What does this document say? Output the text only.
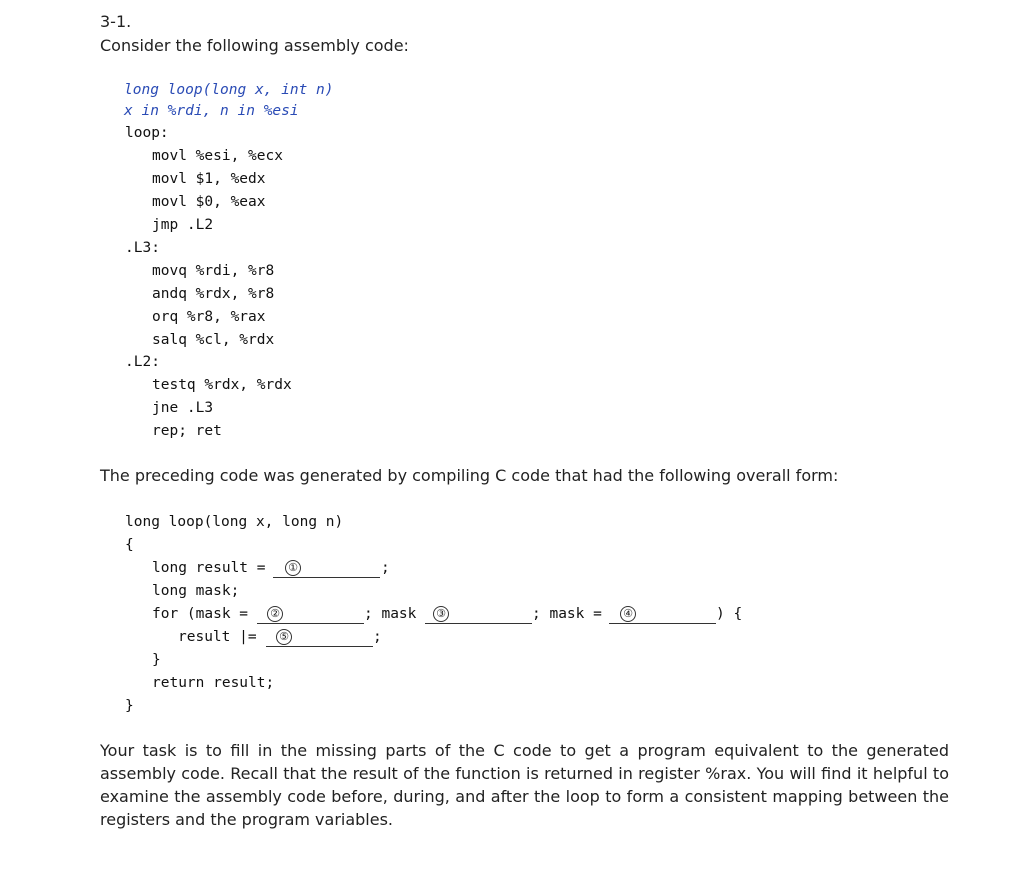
3-1.

Consider the following assembly code:

long loop(long x, int n)
x in %rdi, n in %esi
loop:
movl %esi, %ecx
movl $1, %edx
movl $0, %eax
jmp .L2
.L3:
movq %rdi, %r8
andq %rdx, %r8
orq %r8, %rax
salq %cl, %rdx
.L2:
testq %rdx, %rdx
jne .L3
rep; ret

The preceding code was generated by compiling C code that had the following overall form:

long loop(long x, long n)
{

long result =

①

	;

long mask;

for (mask =

②

	; mask

③

	; mask =

④

	) {

result |=

⑤

	;

}
return result;
}

Your task is to fill in the missing parts of the C code to get a program equivalent to the generated assembly code. Recall that the result of the function is returned in register %rax. You will find it helpful to examine the assembly code before, during, and after the loop to form a consistent mapping between the registers and the program variables.
